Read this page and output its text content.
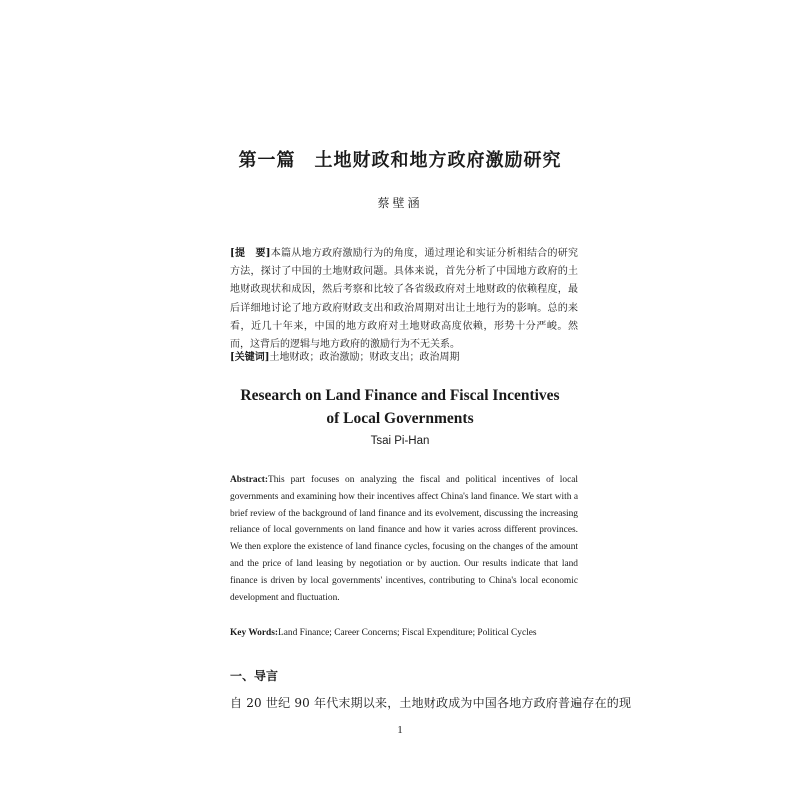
第一篇　土地财政和地方政府激励研究
蔡壁涵
[提　要]本篇从地方政府激励行为的角度，通过理论和实证分析相结合的研究方法，探讨了中国的土地财政问题。具体来说，首先分析了中国地方政府的土地财政现状和成因，然后考察和比较了各省级政府对土地财政的依赖程度，最后详细地讨论了地方政府财政支出和政治周期对出让土地行为的影响。总的来看，近几十年来，中国的地方政府对土地财政高度依赖，形势十分严峻。然而，这背后的逻辑与地方政府的激励行为不无关系。
[关键词]土地财政；政治激励；财政支出；政治周期
Research on Land Finance and Fiscal Incentives
of Local Governments
Tsai Pi-Han
Abstract:This part focuses on analyzing the fiscal and political incentives of local governments and examining how their incentives affect China's land finance. We start with a brief review of the background of land finance and its evolvement, discussing the increasing reliance of local governments on land finance and how it varies across different provinces. We then explore the existence of land finance cycles, focusing on the changes of the amount and the price of land leasing by negotiation or by auction. Our results indicate that land finance is driven by local governments' incentives, contributing to China's local economic development and fluctuation.
Key Words:Land Finance; Career Concerns; Fiscal Expenditure; Political Cycles
一、导言
自 20 世纪 90 年代末期以来，土地财政成为中国各地方政府普遍存在的现
1
